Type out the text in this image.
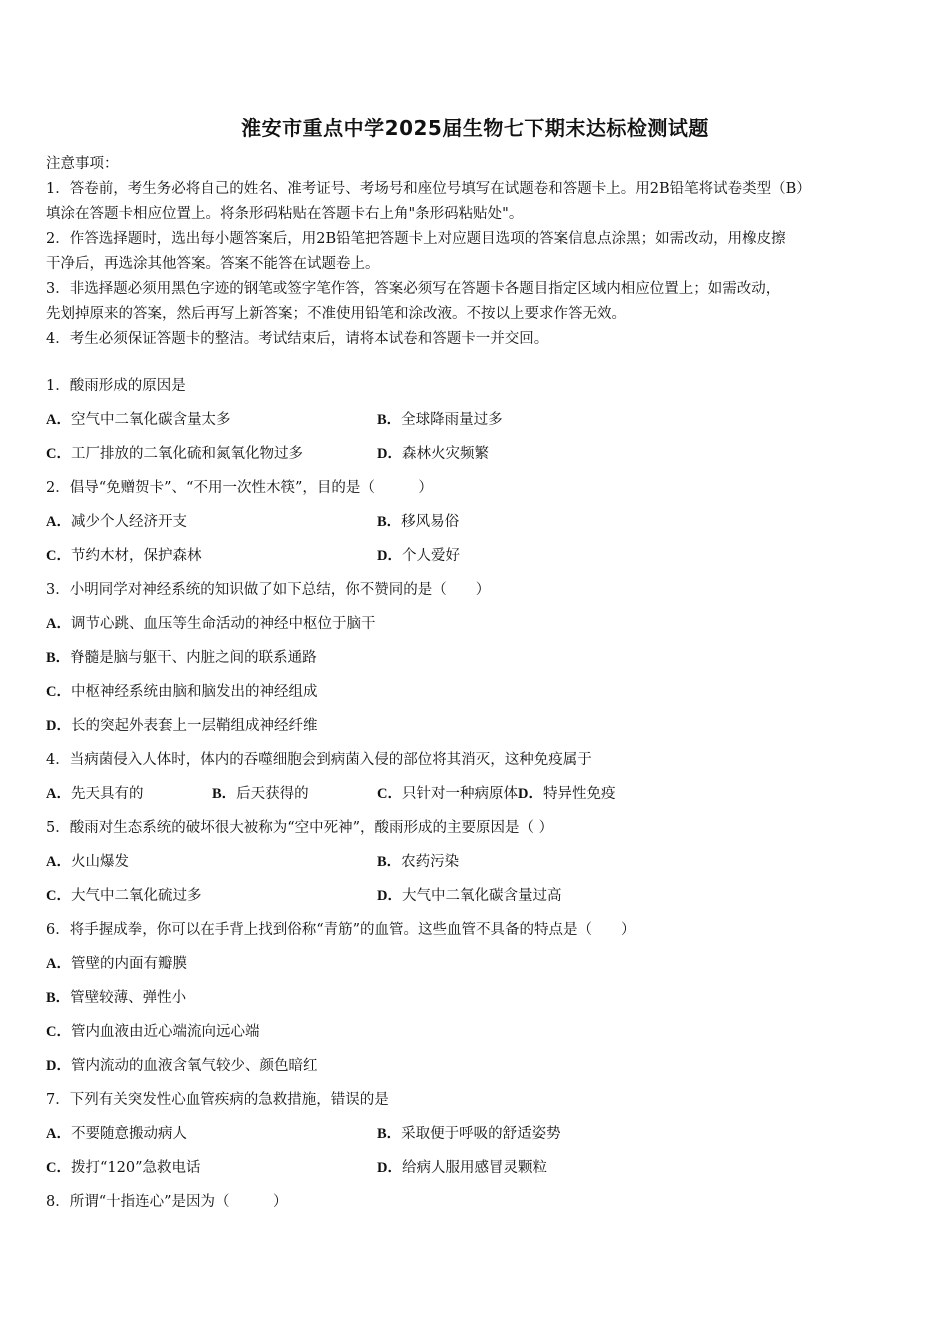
淮安市重点中学2025届生物七下期末达标检测试题

注意事项：

1．答卷前，考生务必将自己的姓名、准考证号、考场号和座位号填写在试题卷和答题卡上。用2B铅笔将试卷类型（B）

填涂在答题卡相应位置上。将条形码粘贴在答题卡右上角"条形码粘贴处"。

2．作答选择题时，选出每小题答案后，用2B铅笔把答题卡上对应题目选项的答案信息点涂黑；如需改动，用橡皮擦

干净后，再选涂其他答案。答案不能答在试题卷上。

3．非选择题必须用黑色字迹的钢笔或签字笔作答，答案必须写在答题卡各题目指定区域内相应位置上；如需改动，

先划掉原来的答案，然后再写上新答案；不准使用铅笔和涂改液。不按以上要求作答无效。

4．考生必须保证答题卡的整洁。考试结束后，请将本试卷和答题卡一并交回。

1．酸雨形成的原因是
A．空气中二氧化碳含量太多	B．全球降雨量过多
C．工厂排放的二氧化硫和氮氧化物过多	D．森林火灾频繁
2．倡导“免赠贺卡”、“不用一次性木筷”，目的是（　　　）
A．减少个人经济开支	B．移风易俗
C．节约木材，保护森林	D．个人爱好
3．小明同学对神经系统的知识做了如下总结，你不赞同的是（　　）
A．调节心跳、血压等生命活动的神经中枢位于脑干
B．脊髓是脑与躯干、内脏之间的联系通路
C．中枢神经系统由脑和脑发出的神经组成
D．长的突起外表套上一层鞘组成神经纤维
4．当病菌侵入人体时，体内的吞噬细胞会到病菌入侵的部位将其消灭，这种免疫属于
A．先天具有的	B．后天获得的	C．只针对一种病原体D．特异性免疫
5．酸雨对生态系统的破坏很大被称为“空中死神”，酸雨形成的主要原因是（ ）
A．火山爆发	B．农药污染
C．大气中二氧化硫过多	D．大气中二氧化碳含量过高
6．将手握成拳，你可以在手背上找到俗称“青筋”的血管。这些血管不具备的特点是（　　）
A．管壁的内面有瓣膜
B．管壁较薄、弹性小
C．管内血液由近心端流向远心端
D．管内流动的血液含氧气较少、颜色暗红
7．下列有关突发性心血管疾病的急救措施，错误的是
A．不要随意搬动病人	B．采取便于呼吸的舒适姿势
C．拨打“120”急救电话	D．给病人服用感冒灵颗粒
8．所谓“十指连心”是因为（　　　）
